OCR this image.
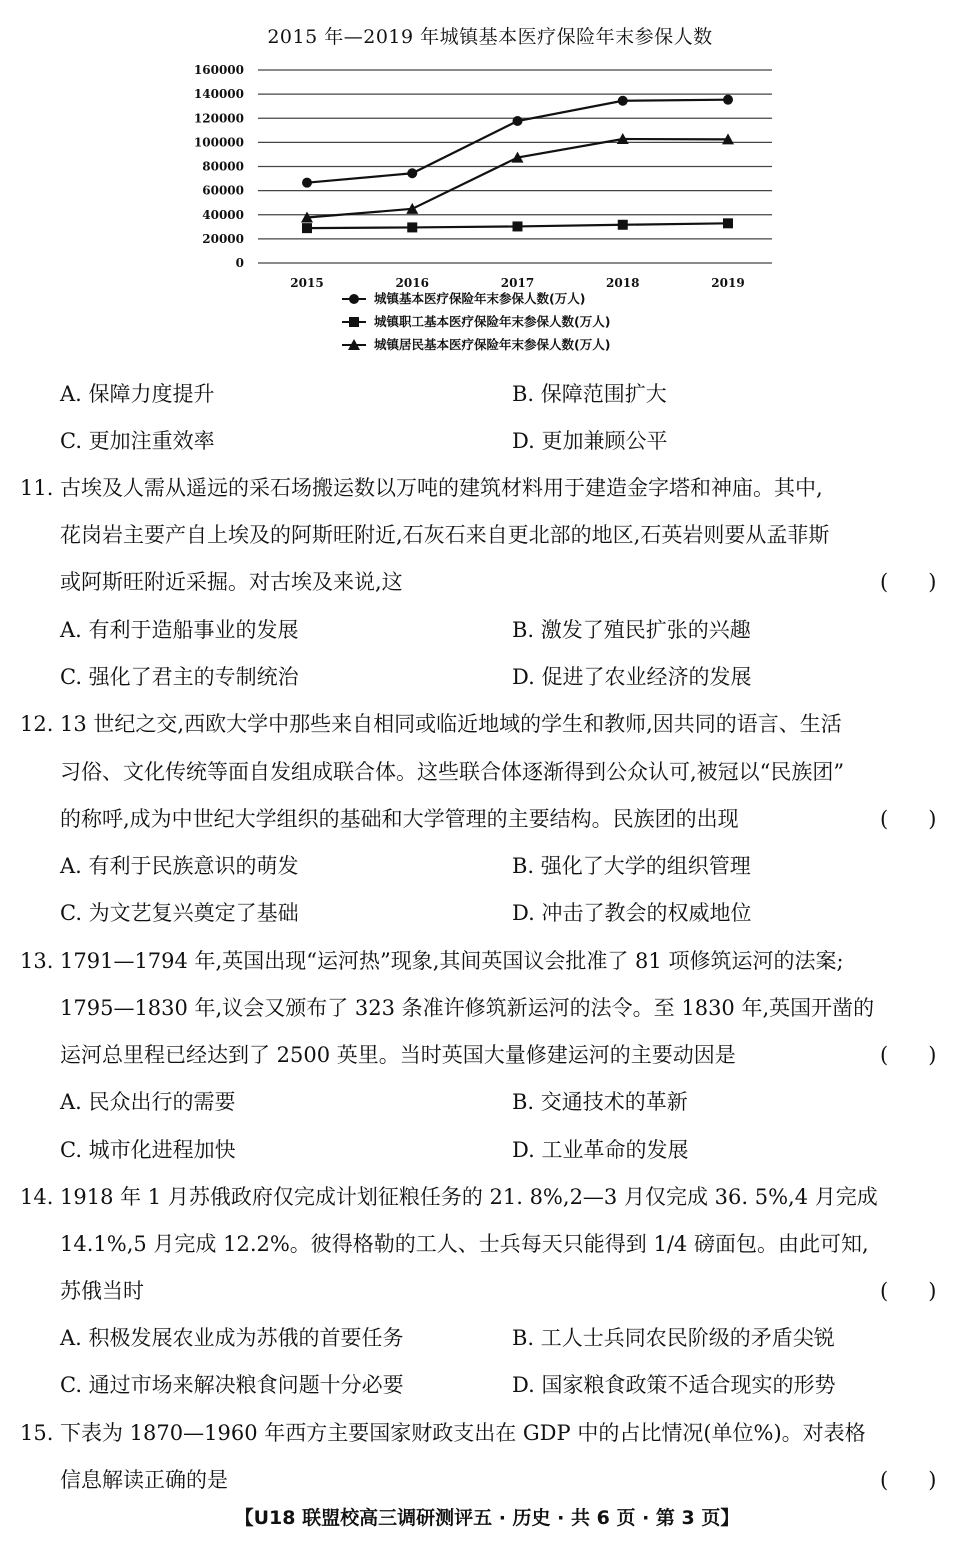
2015 年—2019 年城镇基本医疗保险年末参保人数
160000
140000
120000
100000
80000
60000
40000
20000
0
2015	2016	2017	2018	2019
城镇基本医疗保险年末参保人数(万人)
城镇职工基本医疗保险年末参保人数(万人)
城镇居民基本医疗保险年末参保人数(万人)
A. 保障力度提升	B. 保障范围扩大
C. 更加注重效率	D. 更加兼顾公平
11. 古埃及人需从遥远的采石场搬运数以万吨的建筑材料用于建造金字塔和神庙。其中,
花岗岩主要产自上埃及的阿斯旺附近,石灰石来自更北部的地区,石英岩则要从孟菲斯
或阿斯旺附近采掘。对古埃及来说,这	(      )
A. 有利于造船事业的发展	B. 激发了殖民扩张的兴趣
C. 强化了君主的专制统治	D. 促进了农业经济的发展
12. 13 世纪之交,西欧大学中那些来自相同或临近地域的学生和教师,因共同的语言、生活
习俗、文化传统等面自发组成联合体。这些联合体逐渐得到公众认可,被冠以“民族团”
的称呼,成为中世纪大学组织的基础和大学管理的主要结构。民族团的出现	(      )
A. 有利于民族意识的萌发	B. 强化了大学的组织管理
C. 为文艺复兴奠定了基础	D. 冲击了教会的权威地位
13. 1791—1794 年,英国出现“运河热”现象,其间英国议会批准了 81 项修筑运河的法案;
1795—1830 年,议会又颁布了 323 条准许修筑新运河的法令。至 1830 年,英国开凿的
运河总里程已经达到了 2500 英里。当时英国大量修建运河的主要动因是	(      )
A. 民众出行的需要	B. 交通技术的革新
C. 城市化进程加快	D. 工业革命的发展
14. 1918 年 1 月苏俄政府仅完成计划征粮任务的 21. 8%,2—3 月仅完成 36. 5%,4 月完成
14.1%,5 月完成 12.2%。彼得格勒的工人、士兵每天只能得到 1/4 磅面包。由此可知,
苏俄当时	(      )
A. 积极发展农业成为苏俄的首要任务	B. 工人士兵同农民阶级的矛盾尖锐
C. 通过市场来解决粮食问题十分必要	D. 国家粮食政策不适合现实的形势
15. 下表为 1870—1960 年西方主要国家财政支出在 GDP 中的占比情况(单位%)。对表格
信息解读正确的是	(      )
【U18 联盟校高三调研测评五 · 历史 · 共 6 页 · 第 3 页】
